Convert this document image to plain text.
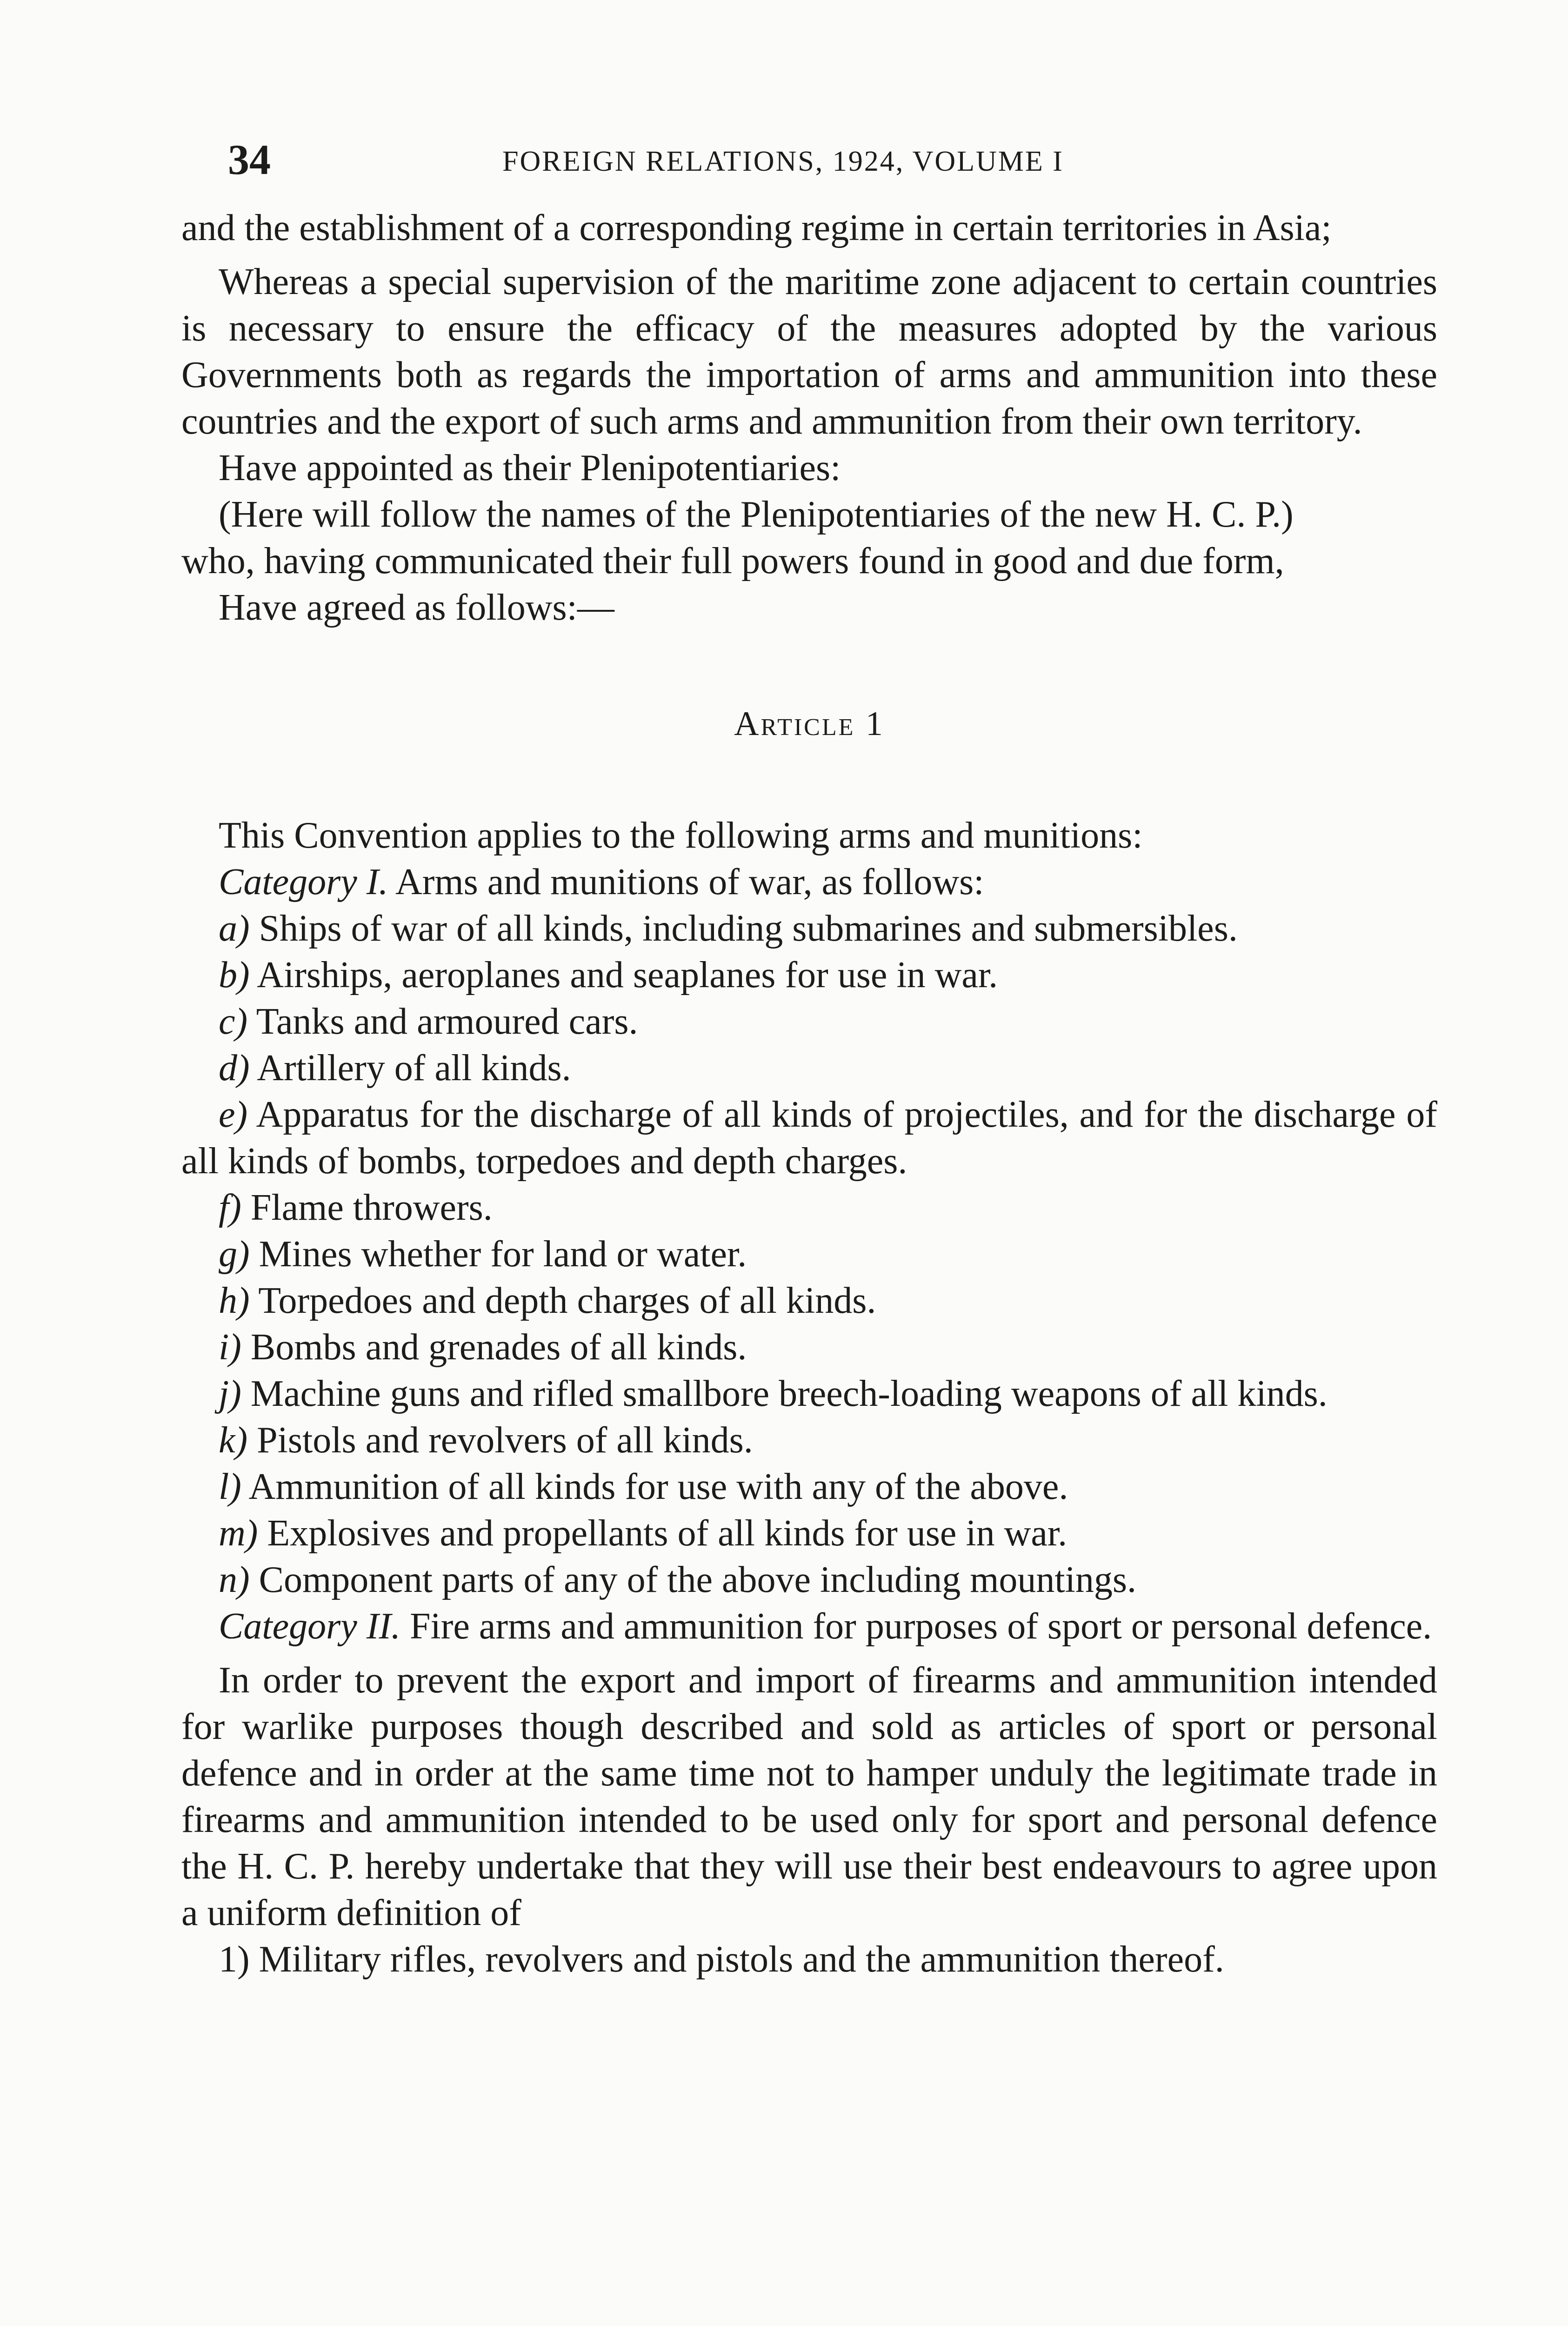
34	FOREIGN RELATIONS, 1924, VOLUME I

and the establishment of a corresponding regime in certain territories in Asia;

Whereas a special supervision of the maritime zone adjacent to certain countries is necessary to ensure the efficacy of the measures adopted by the various Governments both as regards the importation of arms and ammunition into these countries and the export of such arms and ammunition from their own territory.

Have appointed as their Plenipotentiaries:

(Here will follow the names of the Plenipotentiaries of the new H. C. P.)

who, having communicated their full powers found in good and due form,

Have agreed as follows:—

Article 1

This Convention applies to the following arms and munitions:

Category I. Arms and munitions of war, as follows:

a) Ships of war of all kinds, including submarines and submersibles.

b) Airships, aeroplanes and seaplanes for use in war.

c) Tanks and armoured cars.

d) Artillery of all kinds.

e) Apparatus for the discharge of all kinds of projectiles, and for the discharge of all kinds of bombs, torpedoes and depth charges.

f) Flame throwers.

g) Mines whether for land or water.

h) Torpedoes and depth charges of all kinds.

i) Bombs and grenades of all kinds.

j) Machine guns and rifled smallbore breech-loading weapons of all kinds.

k) Pistols and revolvers of all kinds.

l) Ammunition of all kinds for use with any of the above.

m) Explosives and propellants of all kinds for use in war.

n) Component parts of any of the above including mountings.

Category II. Fire arms and ammunition for purposes of sport or personal defence.

In order to prevent the export and import of firearms and ammunition intended for warlike purposes though described and sold as articles of sport or personal defence and in order at the same time not to hamper unduly the legitimate trade in firearms and ammunition intended to be used only for sport and personal defence the H. C. P. hereby undertake that they will use their best endeavours to agree upon a uniform definition of

1) Military rifles, revolvers and pistols and the ammunition thereof.
